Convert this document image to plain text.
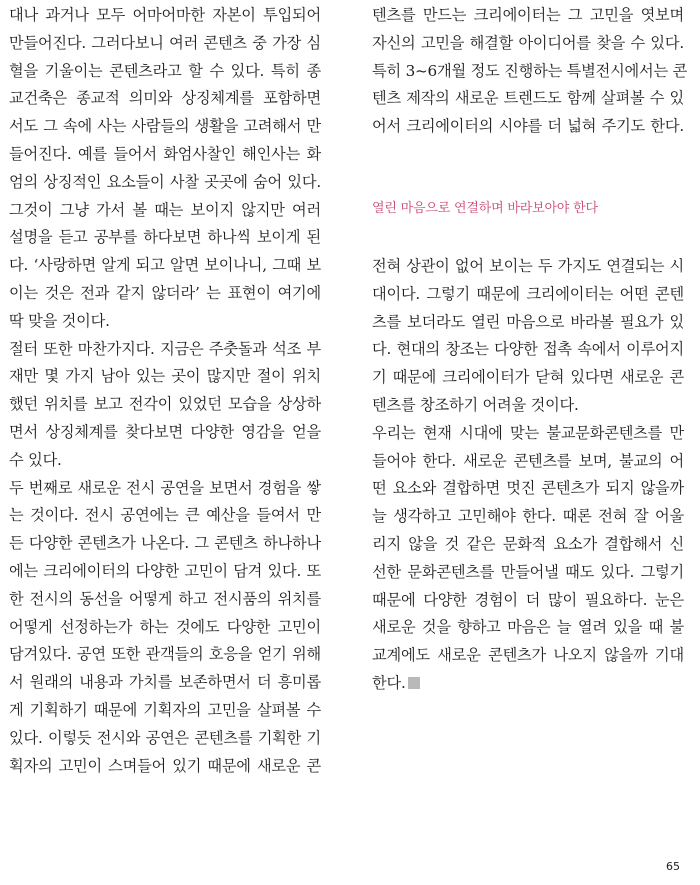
대나 과거나 모두 어마어마한 자본이 투입되어
만들어진다. 그러다보니 여러 콘텐츠 중 가장 심
혈을 기울이는 콘텐츠라고 할 수 있다. 특히 종
교건축은 종교적 의미와 상징체계를 포함하면
서도 그 속에 사는 사람들의 생활을 고려해서 만
들어진다. 예를 들어서 화엄사찰인 해인사는 화
엄의 상징적인 요소들이 사찰 곳곳에 숨어 있다.
그것이 그냥 가서 볼 때는 보이지 않지만 여러
설명을 듣고 공부를 하다보면 하나씩 보이게 된
다. ‘사랑하면 알게 되고 알면 보이나니, 그때 보
이는 것은 전과 같지 않더라’ 는 표현이 여기에
딱 맞을 것이다.
절터 또한 마찬가지다. 지금은 주춧돌과 석조 부
재만 몇 가지 남아 있는 곳이 많지만 절이 위치
했던 위치를 보고 전각이 있었던 모습을 상상하
면서 상징체계를 찾다보면 다양한 영감을 얻을
수 있다.
두 번째로 새로운 전시 공연을 보면서 경험을 쌓
는 것이다. 전시 공연에는 큰 예산을 들여서 만
든 다양한 콘텐츠가 나온다. 그 콘텐츠 하나하나
에는 크리에이터의 다양한 고민이 담겨 있다. 또
한 전시의 동선을 어떻게 하고 전시품의 위치를
어떻게 선정하는가 하는 것에도 다양한 고민이
담겨있다. 공연 또한 관객들의 호응을 얻기 위해
서 원래의 내용과 가치를 보존하면서 더 흥미롭
게 기획하기 때문에 기획자의 고민을 살펴볼 수
있다. 이렇듯 전시와 공연은 콘텐츠를 기획한 기
획자의 고민이 스며들어 있기 때문에 새로운 콘
텐츠를 만드는 크리에이터는 그 고민을 엿보며
자신의 고민을 해결할 아이디어를 찾을 수 있다.
특히 3~6개월 정도 진행하는 특별전시에서는 콘
텐츠 제작의 새로운 트렌드도 함께 살펴볼 수 있
어서 크리에이터의 시야를 더 넓혀 주기도 한다.
열린 마음으로 연결하며 바라보아야 한다
전혀 상관이 없어 보이는 두 가지도 연결되는 시
대이다. 그렇기 때문에 크리에이터는 어떤 콘텐
츠를 보더라도 열린 마음으로 바라볼 필요가 있
다. 현대의 창조는 다양한 접촉 속에서 이루어지
기 때문에 크리에이터가 닫혀 있다면 새로운 콘
텐츠를 창조하기 어려울 것이다.
우리는 현재 시대에 맞는 불교문화콘텐츠를 만
들어야 한다. 새로운 콘텐츠를 보며, 불교의 어
떤 요소와 결합하면 멋진 콘텐츠가 되지 않을까
늘 생각하고 고민해야 한다. 때론 전혀 잘 어울
리지 않을 것 같은 문화적 요소가 결합해서 신
선한 문화콘텐츠를 만들어낼 때도 있다. 그렇기
때문에 다양한 경험이 더 많이 필요하다. 눈은
새로운 것을 향하고 마음은 늘 열려 있을 때 불
교계에도 새로운 콘텐츠가 나오지 않을까 기대
한다.
65
